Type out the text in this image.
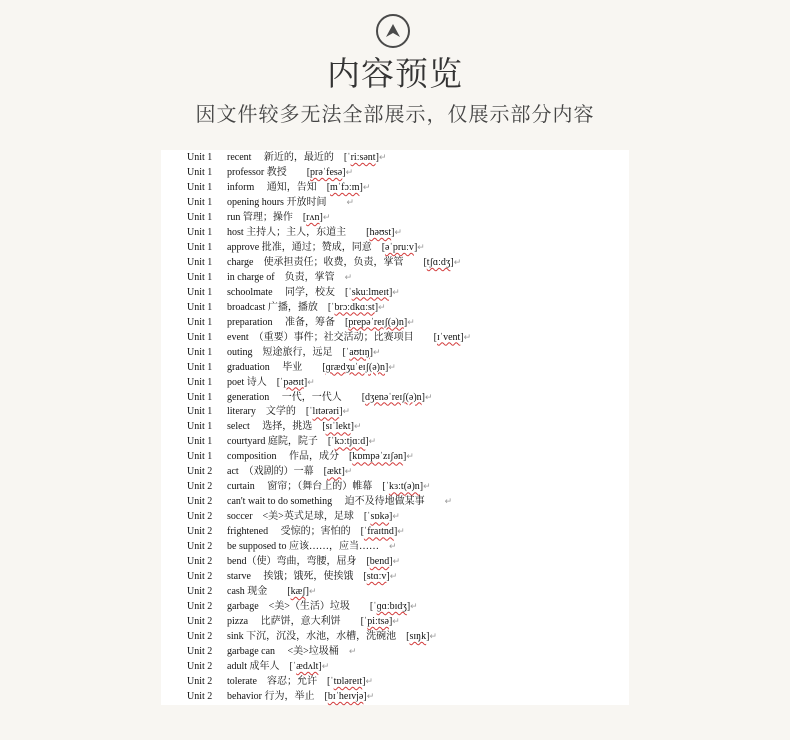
内容预览
因文件较多无法全部展示，仅展示部分内容
Unit 1 recent　 新近的，最近的　[ˈriːsənt]↵
Unit 1 professor 教授　　[prəˈfesə]↵
Unit 1 inform　 通知，告知　[mˈfɔːm]↵
Unit 1 opening hours 开放时间　　↵
Unit 1 run 管理；操作　[rʌn]↵
Unit 1 host 主持人；主人，东道主　　[həʊst]↵
Unit 1 approve 批准，通过；赞成，同意　[əˈpruːv]↵
Unit 1 charge　使承担责任；收费，负责，掌管　　[tʃɑːdʒ]↵
Unit 1 in charge of　负责，掌管　↵
Unit 1 schoolmate　 同学，校友　[ˈskuːlmeɪt]↵
Unit 1 broadcast 广播，播放　[ˈbrɔːdkɑːst]↵
Unit 1 preparation　 准备，筹备　[prepəˈreɪʃ(ə)n]↵
Unit 1 event　（重要）事件；社交活动；比赛项目　　[ɪˈvent]↵
Unit 1 outing　短途旅行，远足　[ˈaʊtɪŋ]↵
Unit 1 graduation　 毕业　　[ɡrædʒuˈeɪʃ(ə)n]↵
Unit 1 poet 诗人　[ˈpəʊɪt]↵
Unit 1 generation　 一代，一代人　　[dʒenəˈreɪʃ(ə)n]↵
Unit 1 literary　文学的　[ˈlɪtərəri]↵
Unit 1 select　 选择，挑选　[sɪˈlekt]↵
Unit 1 courtyard 庭院，院子　[ˈkɔːtjɑːd]↵
Unit 1 composition　 作品，成分　[kɒmpəˈzɪʃən]↵
Unit 2 act　（戏剧的）一幕　[ækt]↵
Unit 2 curtain　 窗帘；（舞台上的）帷幕　[ˈkɜːt(ə)n]↵
Unit 2 can't wait to do something　 迫不及待地做某事　　↵
Unit 2 soccer　<美>英式足球，足球　[ˈsɒkə]↵
Unit 2 frightened　 受惊的；害怕的　[ˈfraɪtnd]↵
Unit 2 be supposed to 应该……，应当……　↵
Unit 2 bend（使）弯曲，弯腰，屈身　[bend]↵
Unit 2 starve　 挨饿；饿死，使挨饿　[stɑːv]↵
Unit 2 cash 现金　　[kæʃ]↵
Unit 2 garbage　<美>（生活）垃圾　　[ˈɡɑːbɪdʒ]↵
Unit 2 pizza　 比萨饼，意大利饼　　[ˈpiːtsə]↵
Unit 2 sink 下沉，沉没，水池，水槽，洗碗池　[sɪŋk]↵
Unit 2 garbage can　 <美>垃圾桶　↵
Unit 2 adult 成年人　[ˈædʌlt]↵
Unit 2 tolerate　容忍；允许　[ˈtɒləreɪt]↵
Unit 2 behavior 行为，举止　[bɪˈheɪvjə]↵
